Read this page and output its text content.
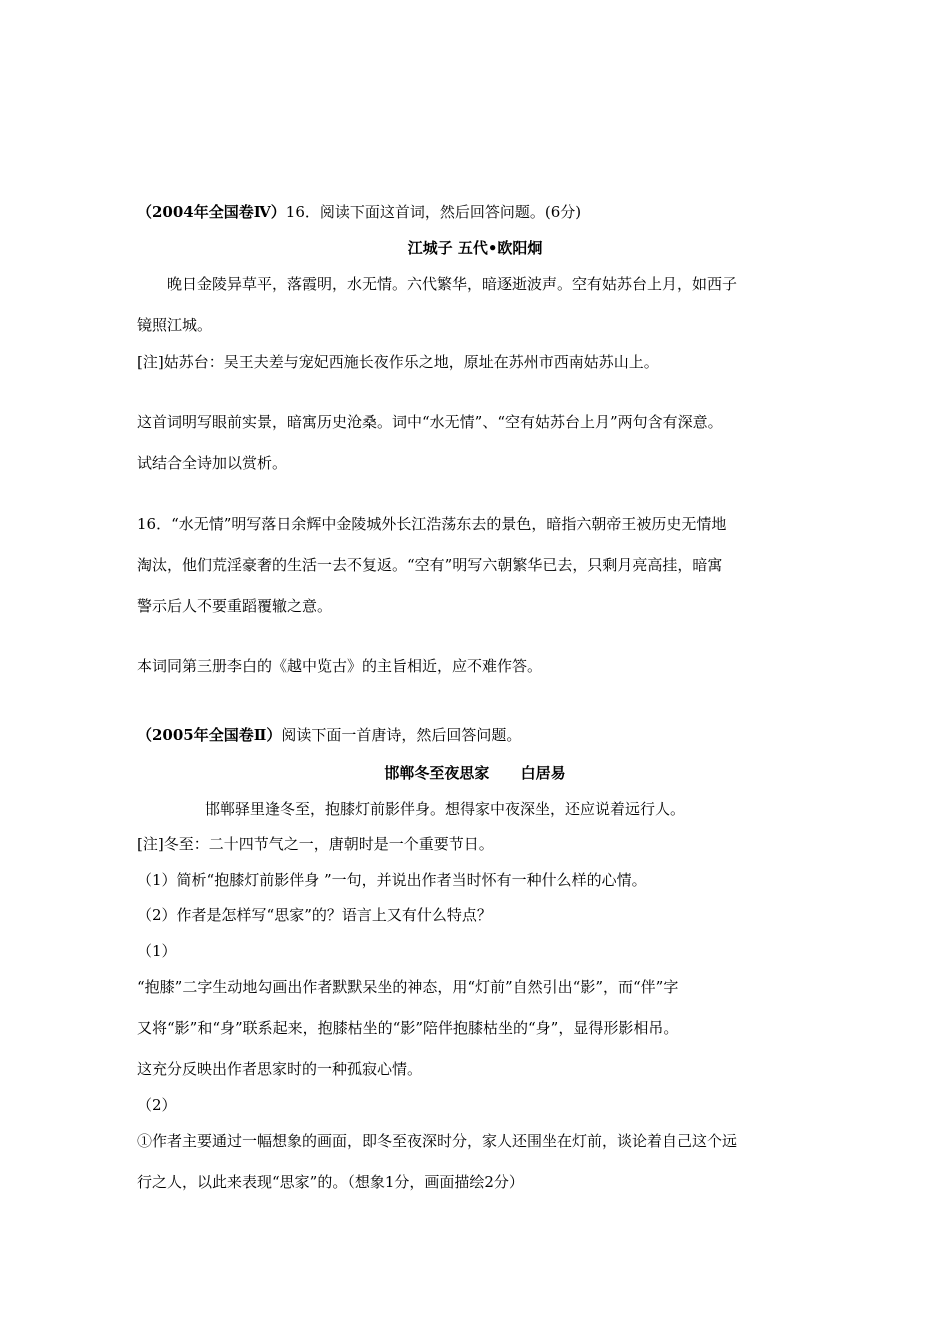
（2004年全国卷Ⅳ）16．阅读下面这首词，然后回答问题。(6分)
江城子 五代•欧阳炯
晚日金陵异草平，落霞明，水无情。六代繁华，暗逐逝波声。空有姑苏台上月，如西子
镜照江城。
[注]姑苏台：吴王夫差与宠妃西施长夜作乐之地，原址在苏州市西南姑苏山上。
这首词明写眼前实景，暗寓历史沧桑。词中“水无情”、“空有姑苏台上月”两句含有深意。
试结合全诗加以赏析。
16．“水无情”明写落日余辉中金陵城外长江浩荡东去的景色，暗指六朝帝王被历史无情地
淘汰，他们荒淫豪奢的生活一去不复返。“空有”明写六朝繁华已去，只剩月亮高挂，暗寓
警示后人不要重蹈覆辙之意。
本词同第三册李白的《越中览古》的主旨相近，应不难作答。
（2005年全国卷Ⅱ）阅读下面一首唐诗，然后回答问题。
邯郸冬至夜思家      白居易
邯郸驿里逢冬至，抱膝灯前影伴身。想得家中夜深坐，还应说着远行人。
[注]冬至：二十四节气之一，唐朝时是一个重要节日。
（1）简析“抱膝灯前影伴身 ”一句，并说出作者当时怀有一种什么样的心情。
（2）作者是怎样写“思家”的？语言上又有什么特点？
（1）
“抱膝”二字生动地勾画出作者默默呆坐的神态，用“灯前”自然引出“影”，而“伴”字
又将“影”和“身”联系起来，抱膝枯坐的“影”陪伴抱膝枯坐的“身”，显得形影相吊。
这充分反映出作者思家时的一种孤寂心情。
（2）
①作者主要通过一幅想象的画面，即冬至夜深时分，家人还围坐在灯前，谈论着自己这个远
行之人，以此来表现“思家”的。（想象1分，画面描绘2分）
